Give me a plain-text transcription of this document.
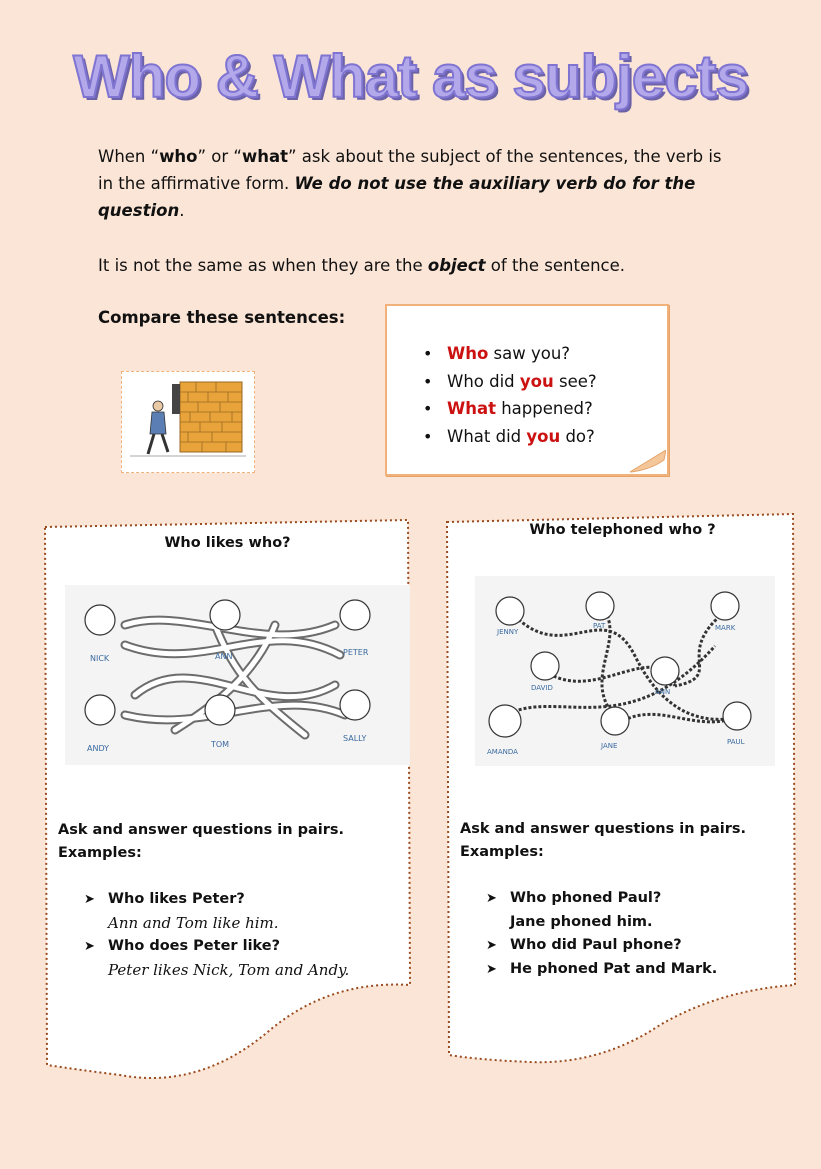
Who & What as subjects
When “who” or “what” ask about the subject of the sentences, the verb is in the affirmative form. We do not use the auxiliary verb do for the question.
It is not the same as when they are the object of the sentence.
Compare these sentences:
• Who saw you?
• Who did you see?
• What happened?
• What did you do?
Who likes who?
NICK	ANN	PETER
ANDY	TOM
SALLY
Ask and answer questions in pairs.
Examples:
➤ Who likes Peter?
Ann and Tom like him.
➤ Who does Peter like?
Peter likes Nick, Tom and Andy.
Who telephoned who ?
JENNY
PAT	MARK
DAVID	ANN
AMANDA
JANE	PAUL
Ask and answer questions in pairs.
Examples:
➤ Who phoned Paul?
Jane phoned him.
➤ Who did Paul phone?
➤ He phoned Pat and Mark.
